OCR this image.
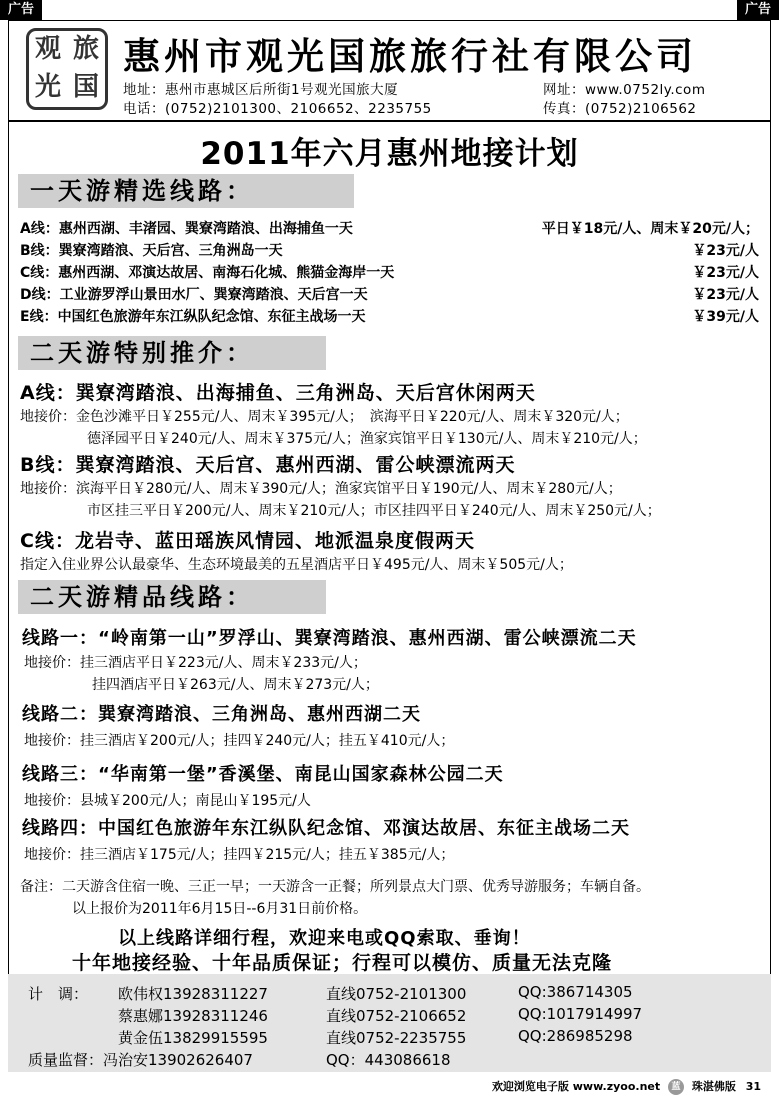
广告	广告
观 旅
光 国
惠州市观光国旅旅行社有限公司
地址：惠州市惠城区后所街1号观光国旅大厦	网址：www.0752ly.com
电话：(0752)2101300、2106652、2235755	传真：(0752)2106562
2011年六月惠州地接计划
一天游精选线路：
A线：惠州西湖、丰渚园、巽寮湾踏浪、出海捕鱼一天	平日￥18元/人、周末￥20元/人；
B线：巽寮湾踏浪、天后宫、三角洲岛一天	￥23元/人
C线：惠州西湖、邓演达故居、南海石化城、熊猫金海岸一天	￥23元/人
D线：工业游罗浮山景田水厂、巽寮湾踏浪、天后宫一天	￥23元/人
E线：中国红色旅游年东江纵队纪念馆、东征主战场一天	￥39元/人
二天游特别推介：
A线：巽寮湾踏浪、出海捕鱼、三角洲岛、天后宫休闲两天
地接价：金色沙滩平日￥255元/人、周末￥395元/人；　滨海平日￥220元/人、周末￥320元/人；
德泽园平日￥240元/人、周末￥375元/人；渔家宾馆平日￥130元/人、周末￥210元/人；
B线：巽寮湾踏浪、天后宫、惠州西湖、雷公峡漂流两天
地接价：滨海平日￥280元/人、周末￥390元/人；渔家宾馆平日￥190元/人、周末￥280元/人；
市区挂三平日￥200元/人、周末￥210元/人；市区挂四平日￥240元/人、周末￥250元/人；
C线：龙岩寺、蓝田瑶族风情园、地派温泉度假两天
指定入住业界公认最豪华、生态环境最美的五星酒店平日￥495元/人、周末￥505元/人；
二天游精品线路：
线路一：“岭南第一山”罗浮山、巽寮湾踏浪、惠州西湖、雷公峡漂流二天
地接价：挂三酒店平日￥223元/人、周末￥233元/人；
挂四酒店平日￥263元/人、周末￥273元/人；
线路二：巽寮湾踏浪、三角洲岛、惠州西湖二天
地接价：挂三酒店￥200元/人；挂四￥240元/人；挂五￥410元/人；
线路三：“华南第一堡”香溪堡、南昆山国家森林公园二天
地接价：县城￥200元/人；南昆山￥195元/人
线路四：中国红色旅游年东江纵队纪念馆、邓演达故居、东征主战场二天
地接价：挂三酒店￥175元/人；挂四￥215元/人；挂五￥385元/人；
备注：二天游含住宿一晚、三正一早；一天游含一正餐；所列景点大门票、优秀导游服务；车辆自备。
以上报价为2011年6月15日--6月31日前价格。
以上线路详细行程，欢迎来电或QQ索取、垂询！
十年地接经验、十年品质保证；行程可以模仿、质量无法克隆
计　调： 欧伟权13928311227	直线0752-2101300	QQ:386714305
蔡惠娜13928311246	直线0752-2106652	QQ:1017914997
黄金伍13829915595	直线0752-2235755	QQ:286985298
质量监督：冯治安13902626407	QQ：443086618
欢迎浏览电子版 www.zyoo.net 蓝 珠湛佛版 31
